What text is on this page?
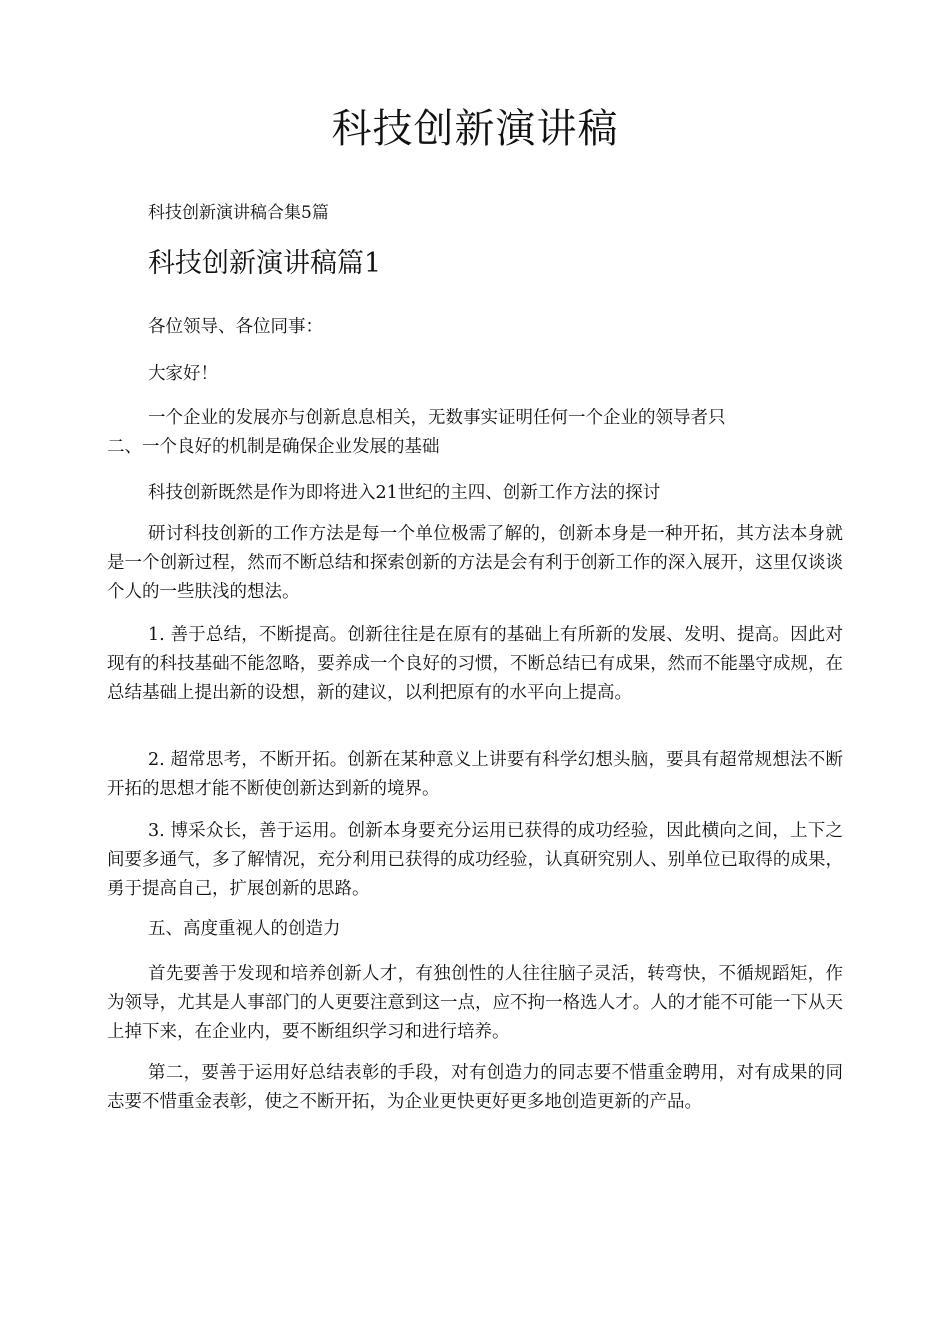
科技创新演讲稿
科技创新演讲稿合集5篇
科技创新演讲稿篇1

各位领导、各位同事：

大家好！

一个企业的发展亦与创新息息相关，无数事实证明任何一个企业的领导者只
二、一个良好的机制是确保企业发展的基础

科技创新既然是作为即将进入21世纪的主四、创新工作方法的探讨

研讨科技创新的工作方法是每一个单位极需了解的，创新本身是一种开拓，其方法本身就是一个创新过程，然而不断总结和探索创新的方法是会有利于创新工作的深入展开，这里仅谈谈个人的一些肤浅的想法。

1. 善于总结，不断提高。创新往往是在原有的基础上有所新的发展、发明、提高。因此对现有的科技基础不能忽略，要养成一个良好的习惯，不断总结已有成果，然而不能墨守成规，在总结基础上提出新的设想，新的建议，以利把原有的水平向上提高。

2. 超常思考，不断开拓。创新在某种意义上讲要有科学幻想头脑，要具有超常规想法不断开拓的思想才能不断使创新达到新的境界。

3. 博采众长，善于运用。创新本身要充分运用已获得的成功经验，因此横向之间，上下之间要多通气，多了解情况，充分利用已获得的成功经验，认真研究别人、别单位已取得的成果，勇于提高自己，扩展创新的思路。

五、高度重视人的创造力

首先要善于发现和培养创新人才，有独创性的人往往脑子灵活，转弯快，不循规蹈矩，作为领导，尤其是人事部门的人更要注意到这一点，应不拘一格选人才。人的才能不可能一下从天上掉下来，在企业内，要不断组织学习和进行培养。

第二，要善于运用好总结表彰的手段，对有创造力的同志要不惜重金聘用，对有成果的同志要不惜重金表彰，使之不断开拓，为企业更快更好更多地创造更新的产品。
